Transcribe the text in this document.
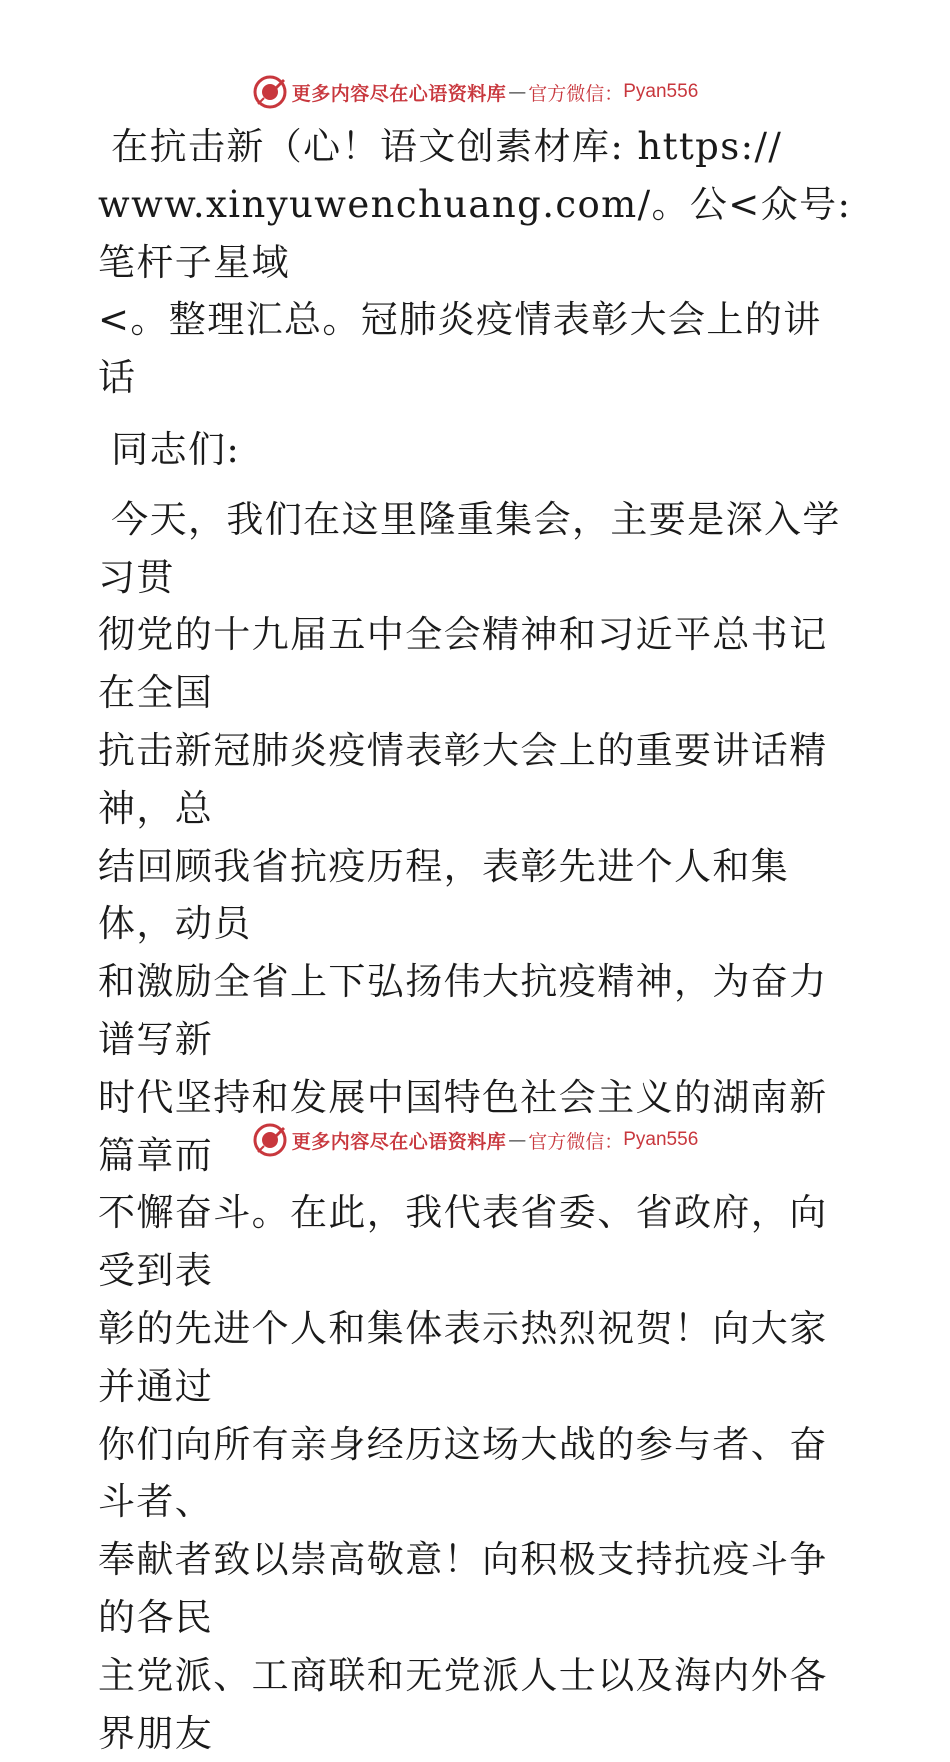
更多内容尽在心语资料库 — 官方微信： Pyan556

在抗击新（心！语文创素材库: https://
www.xinyuwenchuang.com/。公<众号: 笔杆子星域
<。整理汇总。冠肺炎疫情表彰大会上的讲话

同志们:

今天，我们在这里隆重集会，主要是深入学习贯
彻党的十九届五中全会精神和习近平总书记在全国
抗击新冠肺炎疫情表彰大会上的重要讲话精神，总
结回顾我省抗疫历程，表彰先进个人和集体，动员
和激励全省上下弘扬伟大抗疫精神，为奋力谱写新
时代坚持和发展中国特色社会主义的湖南新篇章而
不懈奋斗。在此，我代表省委、省政府，向受到表
彰的先进个人和集体表示热烈祝贺！向大家并通过
你们向所有亲身经历这场大战的参与者、奋斗者、
奉献者致以崇高敬意！向积极支持抗疫斗争的各民
主党派、工商联和无党派人士以及海内外各界朋友

更多内容尽在心语资料库 — 官方微信： Pyan556
